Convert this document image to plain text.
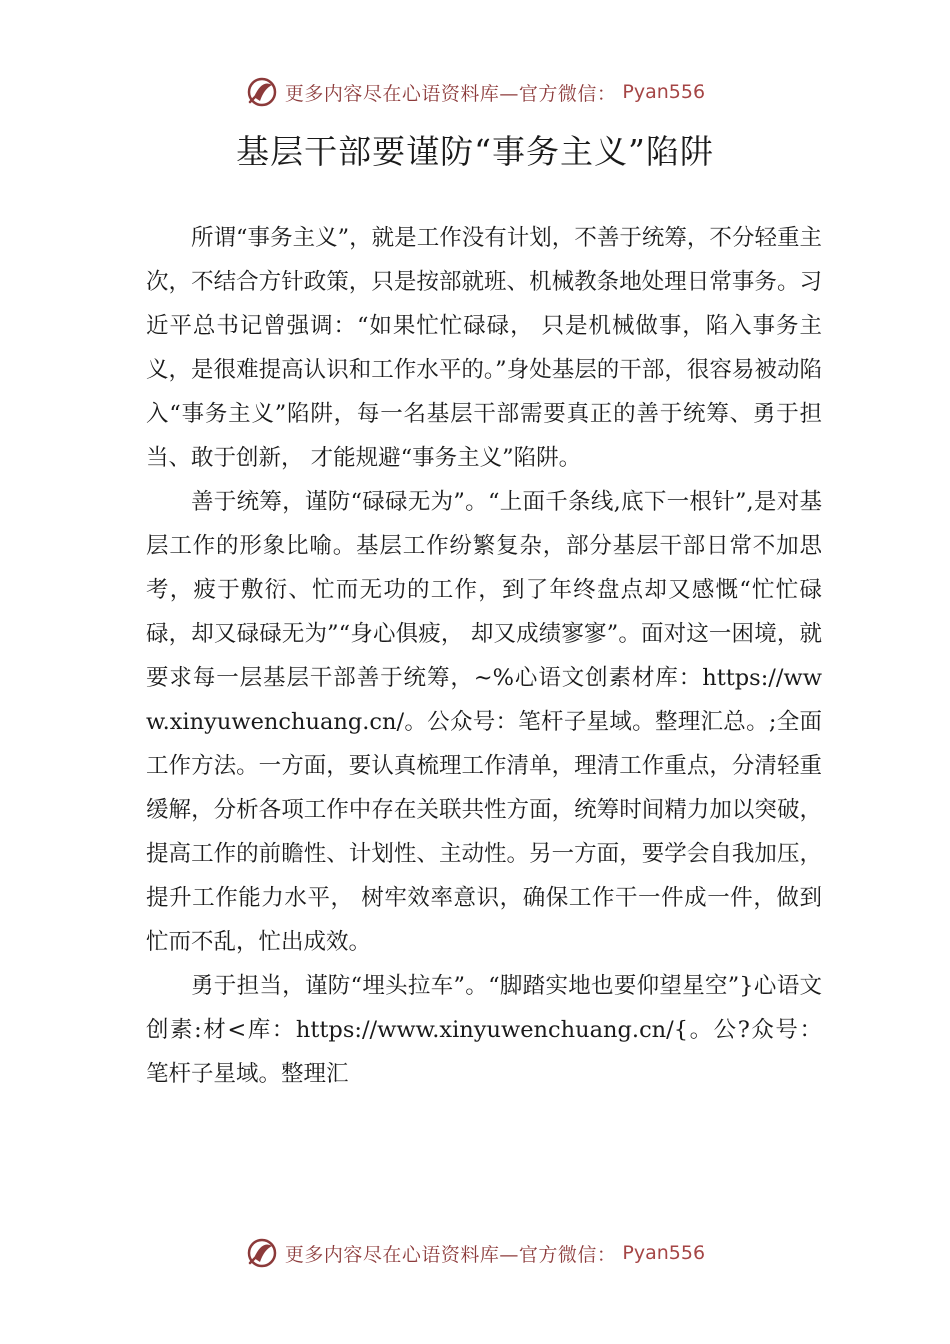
更多内容尽在心语资料库—官方微信： Pyan556
基层干部要谨防“事务主义”陷阱

所谓“事务主义”，就是工作没有计划，不善于统筹，不分轻重主次，不结合方针政策，只是按部就班、机械教条地处理日常事务。习近平总书记曾强调：“如果忙忙碌碌， 只是机械做事，陷入事务主义，是很难提高认识和工作水平的。”身处基层的干部，很容易被动陷入“事务主义”陷阱，每一名基层干部需要真正的善于统筹、勇于担当、敢于创新， 才能规避“事务主义”陷阱。

善于统筹，谨防“碌碌无为”。“上面千条线,底下一根针”,是对基层工作的形象比喻。基层工作纷繁复杂，部分基层干部日常不加思考，疲于敷衍、忙而无功的工作，到了年终盘点却又感慨“忙忙碌碌，却又碌碌无为”“身心俱疲， 却又成绩寥寥”。面对这一困境，就要求每一层基层干部善于统筹，~%心语文创素材库：https://www.xinyuwenchuang.cn/。公众号：笔杆子星域。整理汇总。;全面工作方法。一方面，要认真梳理工作清单，理清工作重点，分清轻重缓解，分析各项工作中存在关联共性方面，统筹时间精力加以突破，提高工作的前瞻性、计划性、主动性。另一方面，要学会自我加压，提升工作能力水平， 树牢效率意识，确保工作干一件成一件，做到忙而不乱，忙出成效。

勇于担当，谨防“埋头拉车”。“脚踏实地也要仰望星空”}心语文创素:材<库：https://www.xinyuwenchuang.cn/{。公?众号：笔杆子星域。整理汇

更多内容尽在心语资料库—官方微信： Pyan556
